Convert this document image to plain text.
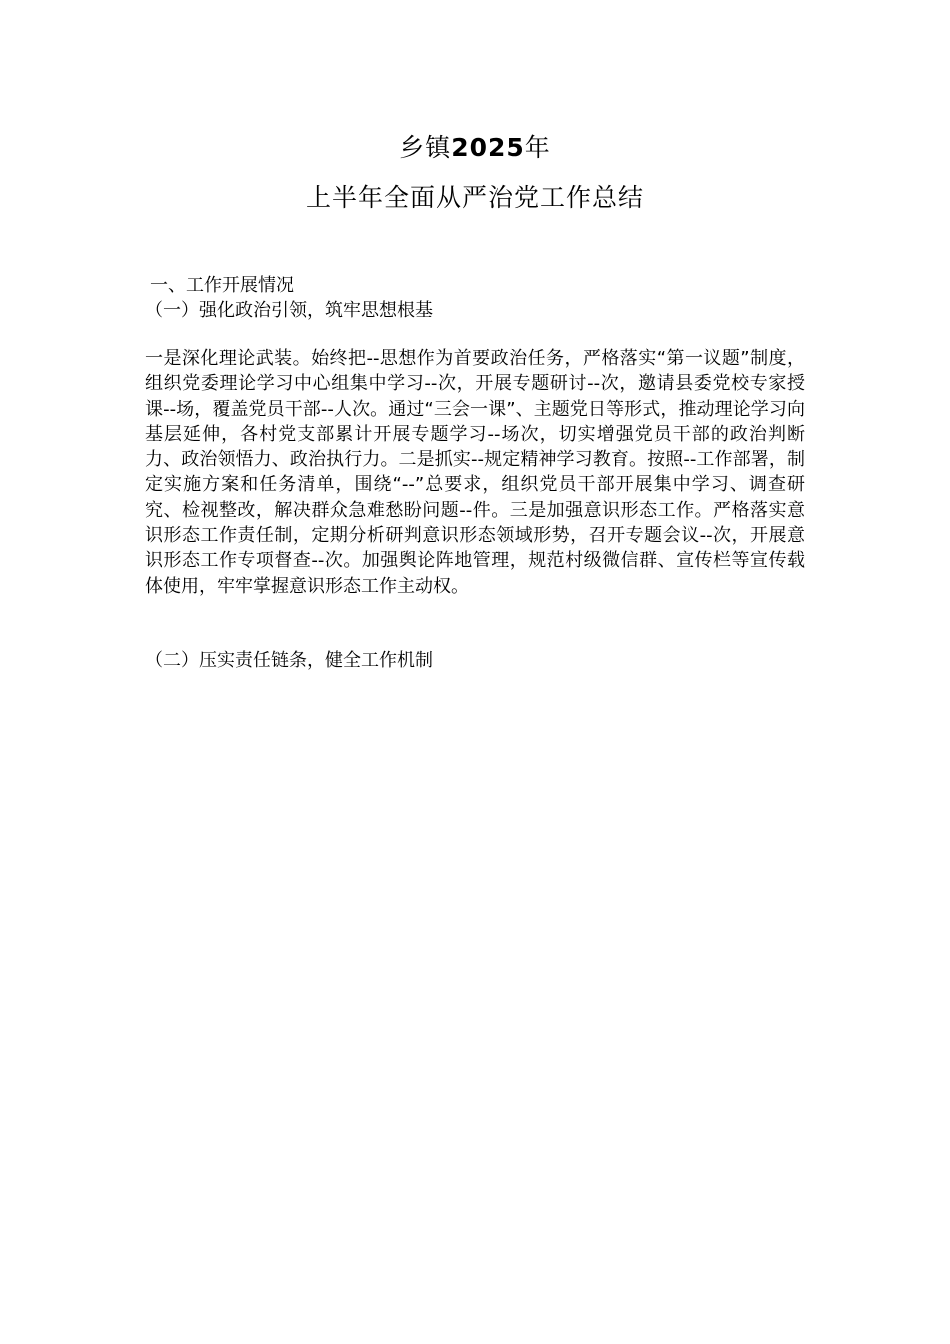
乡镇2025年
上半年全面从严治党工作总结
一、工作开展情况
（一）强化政治引领，筑牢思想根基
一是深化理论武装。始终把--思想作为首要政治任务，严格落实“第一议题”制度，组织党委理论学习中心组集中学习--次，开展专题研讨--次，邀请县委党校专家授课--场，覆盖党员干部--人次。通过“三会一课”、主题党日等形式，推动理论学习向基层延伸，各村党支部累计开展专题学习--场次，切实增强党员干部的政治判断力、政治领悟力、政治执行力。二是抓实--规定精神学习教育。按照--工作部署，制定实施方案和任务清单，围绕“--”总要求，组织党员干部开展集中学习、调查研究、检视整改，解决群众急难愁盼问题--件。三是加强意识形态工作。严格落实意识形态工作责任制，定期分析研判意识形态领域形势，召开专题会议--次，开展意识形态工作专项督查--次。加强舆论阵地管理，规范村级微信群、宣传栏等宣传载体使用，牢牢掌握意识形态工作主动权。
（二）压实责任链条，健全工作机制
